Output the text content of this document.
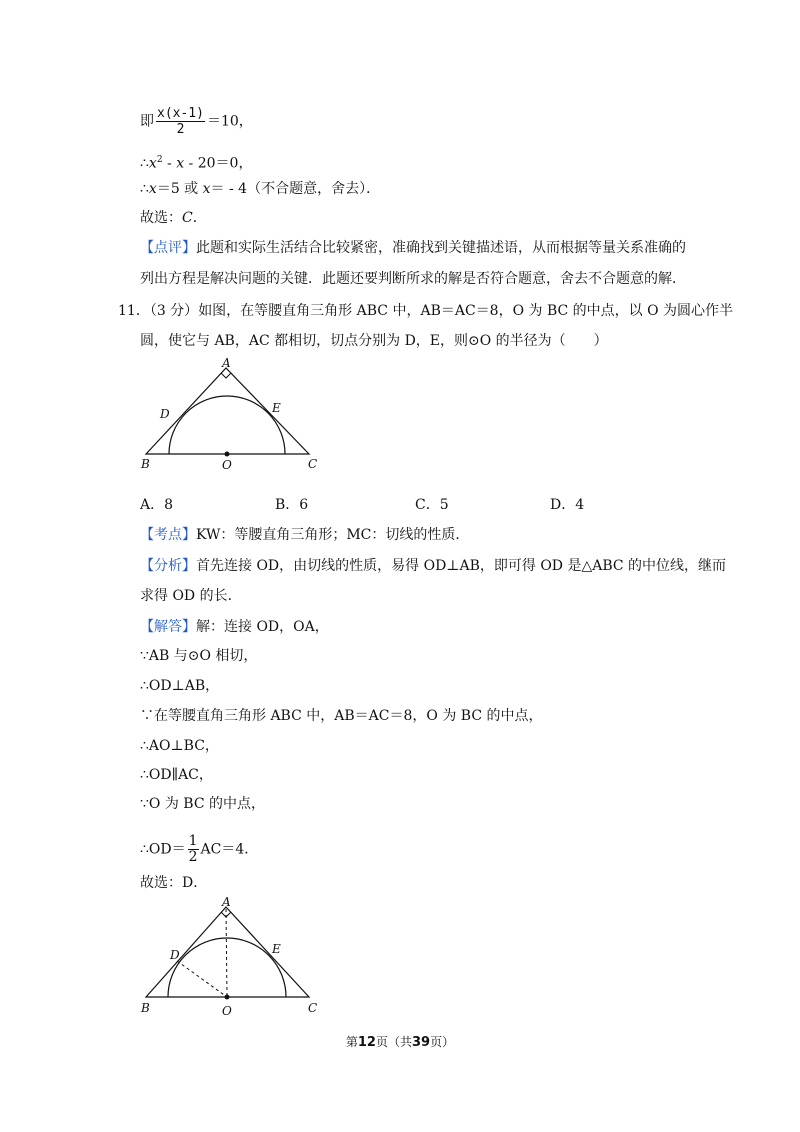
即 $\frac{x(x-1)}{2} =10$，
$\therefore x^2 - x - 20=0$，
∴x＝5 或 x＝ - 4（不合题意，舍去）．
故选：C．
【点评】此题和实际生活结合比较紧密，准确找到关键描述语，从而根据等量关系准确的
列出方程是解决问题的关键．此题还要判断所求的解是否符合题意，舍去不合题意的解．
11．（3 分）如图，在等腰直角三角形 ABC 中，AB＝AC＝8，O 为 BC 的中点，以 O 为圆心作半
圆，使它与 AB，AC 都相切，切点分别为 D，E，则⊙O 的半径为（　　）
A
B	C
D	E
O
A．8	B．6	C．5	D．4
【考点】KW：等腰直角三角形；MC：切线的性质．
【分析】首先连接 OD，由切线的性质，易得 OD⊥AB，即可得 OD 是△ABC 的中位线，继而
求得 OD 的长．
【解答】解：连接 OD，OA，
∵AB 与⊙O 相切，
∴OD⊥AB，
∵在等腰直角三角形 ABC 中，AB＝AC＝8，O 为 BC 的中点，
∴AO⊥BC，
∴OD∥AC，
∵O 为 BC 的中点，
∴OD＝ $\frac{1}{2} AC=4$．
故选：D．
A
B	C
D	E
O
第12页（共39页）
